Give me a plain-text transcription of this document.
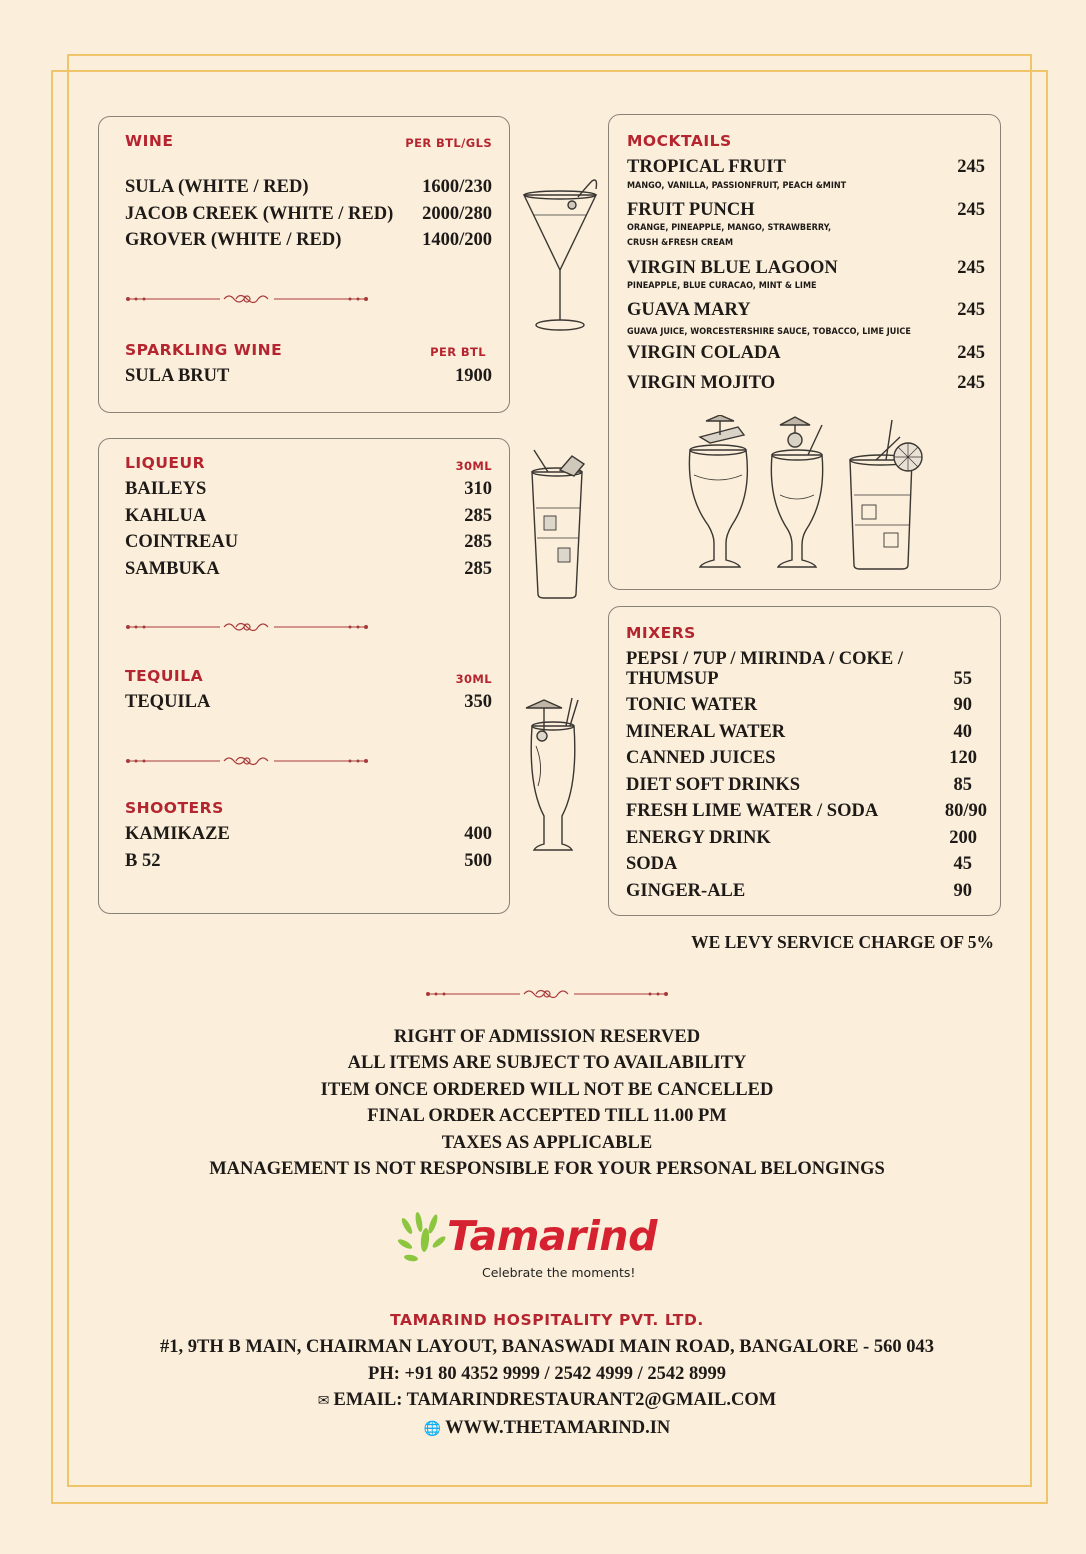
WINE	PER BTL/GLS
SULA (WHITE / RED)	1600/230
JACOB CREEK (WHITE / RED)	2000/280
GROVER (WHITE / RED)	1400/200
SPARKLING WINE	PER BTL
SULA BRUT	1900
LIQUEUR	30ML
BAILEYS	310
KAHLUA	285
COINTREAU	285
SAMBUKA	285
TEQUILA	30ML
TEQUILA	350
SHOOTERS
KAMIKAZE	400
B 52	500
MOCKTAILS
TROPICAL FRUIT	245
MANGO, VANILLA, PASSIONFRUIT, PEACH &MINT
FRUIT PUNCH	245
ORANGE, PINEAPPLE, MANGO, STRAWBERRY,
CRUSH &FRESH CREAM
VIRGIN BLUE LAGOON	245
PINEAPPLE, BLUE CURACAO, MINT & LIME
GUAVA MARY	245
GUAVA JUICE, WORCESTERSHIRE SAUCE, TOBACCO, LIME JUICE
VIRGIN COLADA	245
VIRGIN MOJITO	245
MIXERS
PEPSI / 7UP / MIRINDA / COKE /
THUMSUP	55
TONIC WATER	90
MINERAL WATER	40
CANNED JUICES	120
DIET SOFT DRINKS	85
FRESH LIME WATER / SODA	80/90
ENERGY DRINK	200
SODA	45
GINGER-ALE	90
WE LEVY SERVICE CHARGE OF 5%
RIGHT OF ADMISSION RESERVED
ALL ITEMS ARE SUBJECT TO AVAILABILITY
ITEM ONCE ORDERED WILL NOT BE CANCELLED
FINAL ORDER ACCEPTED TILL 11.00 PM
TAXES AS APPLICABLE
MANAGEMENT IS NOT RESPONSIBLE FOR YOUR PERSONAL BELONGINGS
Tamarind
Celebrate the moments!
TAMARIND HOSPITALITY PVT. LTD.
#1, 9TH B MAIN, CHAIRMAN LAYOUT, BANASWADI MAIN ROAD, BANGALORE - 560 043
PH: +91 80 4352 9999 / 2542 4999 / 2542 8999
✉ EMAIL: TAMARINDRESTAURANT2@GMAIL.COM
🌐 WWW.THETAMARIND.IN
